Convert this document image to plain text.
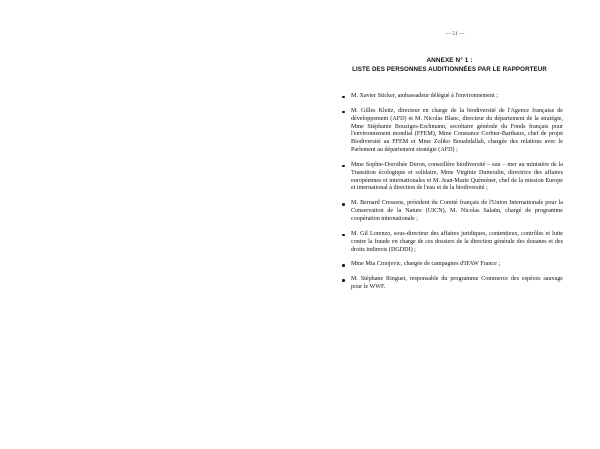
— 51 —
ANNEXE N° 1 :
LISTE DES PERSONNES AUDITIONNÉES PAR LE RAPPORTEUR
M. Xavier Sticker, ambassadeur délégué à l'environnement ;
M. Gilles Kleitz, directeur en charge de la biodiversité de l'Agence française de développement (AFD) et M. Nicolas Blanc, directeur du département de la stratégie, Mme Stéphanie Bouziges-Eschmann, secrétaire générale du Fonds français pour l'environnement mondial (FFEM), Mme Constance Corbier-Barthaux, chef de projet Biodiversité au FFEM et Mme Zoliko Bouabdallah, chargée des relations avec le Parlement au département stratégie (AFD) ;
Mme Sophie-Dorothée Duron, conseillère biodiversité – eau – mer au ministère de la Transition écologique et solidaire, Mme Virginie Dumoulin, directrice des affaires européennes et internationales et M. Jean-Marie Quéméner, chef de la mission Europe et international à direction de l'eau et de la biodiversité ;
M. Bernard Cressens, président du Comité français de l'Union Internationale pour la Conservation de la Nature (UICN), M. Nicolas Salaün, chargé de programme coopération internationale ;
M. Gil Lorenzo, sous-directeur des affaires juridiques, contentieux, contrôles et lutte contre la fraude en charge de ces dossiers de la direction générale des douanes et des droits indirects (DGDDI) ;
Mme Mia Crnojevic, chargée de campagnes d'IFAW France ;
M. Stéphane Ringuet, responsable du programme Commerce des espèces sauvage pour le WWF.
